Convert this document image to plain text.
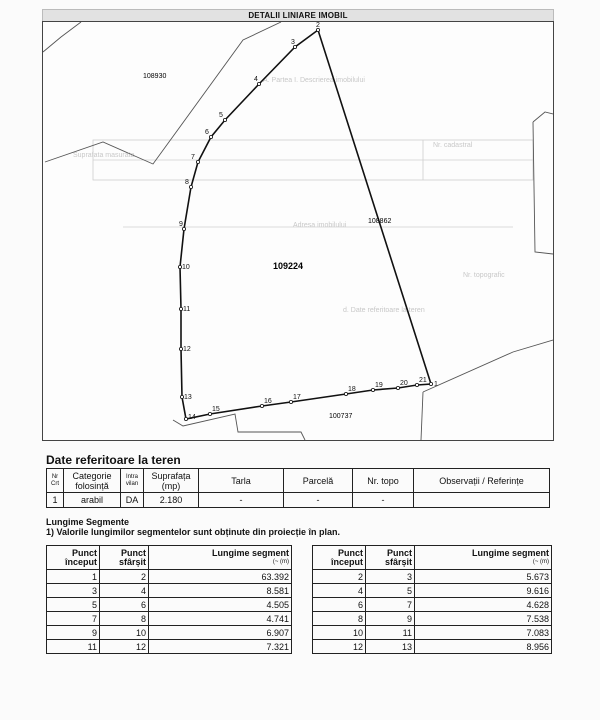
DETALII LINIARE IMOBIL
A. Partea I. Descrierea imobilului
Nr. cadastral
Suprafata masurata
Adresa imobilului
Nr. topografic
d. Date referitoare la teren
1
2
3
4
5
6
7
8
9
10
11
12
13
14
15
16
17
18
19 20 21
109224
108930
108862
100737
Date referitoare la teren
Nr Crt	Categorie folosință	Intra vilan	Suprafața (mp)	Tarla	Parcelă	Nr. topo	Observații / Referințe
1	arabil	DA	2.180	-	-	-	
Lungime Segmente
1) Valorile lungimilor segmentelor sunt obținute din proiecție în plan.
Punct început	Punct sfârșit	Lungime segment
(~ (m)

1	2	63.392
3	4	8.581
5	6	4.505
7	8	4.741
9	10	6.907
11	12	7.321
Punct început	Punct sfârșit	Lungime segment
(~ (m)

2	3	5.673
4	5	9.616
6	7	4.628
8	9	7.538
10	11	7.083
12	13	8.956
